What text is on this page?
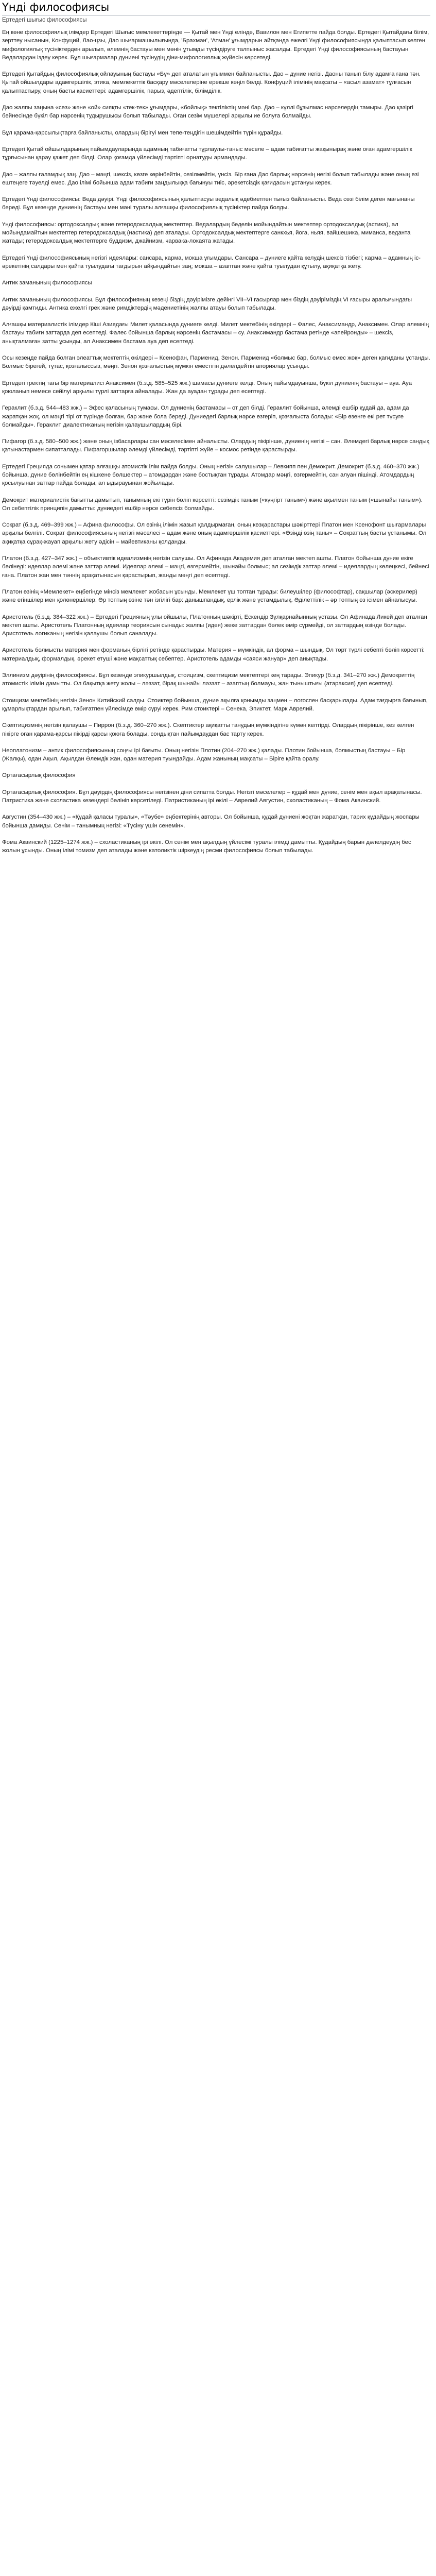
Үнді философиясы
Ертедегі шығыс философиясы

Ең көне философиялық ілімдер Ертедегі Шығыс мемлекеттерінде — Қытай мен Үнді елінде, Вавилон мен Египетте пайда болды. Ертедегі Қытайдағы білім, зерттеу нысанын, Конфуций, Лао-цзы, Дао шығармашылығында, 'Брахман', 'Атман' ұғымдарын айтқанда ежелгі Үнді философиясында қалыптасып келген мифологиялық түсініктерден арылып, әлемнің бастауы мен мәнін ұтымды түсіндіруге талпыныс жасалды. Ертедегі Үнді философиясының бастауын Ведалардан іздеу керек. Бұл шығармалар дүниені түсінудің діни-мифологиялық жүйесін көрсетеді.

Ертедегі Қытайдың философиялық ойлауының бастауы «Бұ» деп аталатын ұғыммен байланысты. Дао – дүние негізі. Даоны танып білу адамға ғана тән. Қытай ойшылдары адамгершілік, этика, мемлекеттік басқару мәселелеріне ерекше көңіл бөлді. Конфуций ілімінің мақсаты – «асыл азамат» тұлғасын қалыптастыру, оның басты қасиеттері: адамгершілік, парыз, әдептілік, білімділік.

Дао жалпы заңына «сөз» және «ой» сияқты «тек-тек» ұғымдары, «бойлық» тектіліктің мәні бар. Дао – күллі бұзылмас нәрселердің тамыры. Дао қазіргі бейнесінде бүкіл бар нәрсенің тудырушысы болып табылады. Оған сезім мүшелері арқылы ие болуға болмайды.

Бұл қарама-қарсылықтарға байланысты, олардың бірігуі мен тепе-теңдігін шешімдейтін түрін құрайды.

Ертедегі Қытай ойшылдарының пайымдауларында адамның табиғатты тұрлаулы-таныс мәселе – адам табиғатты жақынырақ және оған адамгершілік тұрғысынан қарау қажет деп білді. Олар қоғамда үйлесімді тәртіпті орнатуды армандады.

Дао – жалпы ғаламдық заң. Дао – мәңгі, шексіз, көзге көрінбейтін, сезілмейтін, үнсіз. Бір ғана Дао барлық нәрсенің негізі болып табылады және оның өзі ештеңеге тәуелді емес. Дао ілімі бойынша адам табиғи заңдылыққа бағынуы тиіс, әрекетсіздік қағидасын ұстануы керек.

Ертедегі Үнді философиясы: Веда дәуірі. Үнді философиясының қалыптасуы ведалық әдебиетпен тығыз байланысты. Веда сөзі білім деген мағынаны береді. Бұл кезеңде дүниенің бастауы мен мәні туралы алғашқы философиялық түсініктер пайда болды.

Үнді философиясы: ортодоксалдық және гетеродоксалдық мектептер. Ведалардың беделін мойындайтын мектептер ортодоксалдық (астика), ал мойындамайтын мектептер гетеродоксалдық (настика) деп аталады. Ортодоксалдық мектептерге санкхья, йога, ньяя, вайшешика, миманса, веданта жатады; гетеродоксалдық мектептерге буддизм, джайнизм, чарвака-локаята жатады.

Ертедегі Үнді философиясының негізгі идеялары: сансара, карма, мокша ұғымдары. Сансара – дүниеге қайта келудің шексіз тізбегі; карма – адамның іс-әрекетінің салдары мен қайта туылудағы тағдырын айқындайтын заң; мокша – азаптан және қайта туылудан құтылу, ақиқатқа жету.

Антик заманының философиясы

Антик заманының философиясы. Бұл философияның кезеңі біздің дәуірімізге дейінгі VII–VI ғасырлар мен біздің дәуіріміздің VI ғасыры аралығындағы дәуірді қамтиды. Антика ежелгі грек және римдіктердің мәдениетінің жалпы атауы болып табылады.

Алғашқы материалистік ілімдер Кіші Азиядағы Милет қаласында дүниеге келді. Милет мектебінің өкілдері – Фалес, Анаксимандр, Анаксимен. Олар әлемнің бастауы табиғи заттарда деп есептеді. Фалес бойынша барлық нәрсенің бастамасы – су. Анаксимандр бастама ретінде «апейронды» – шексіз, анықталмаған затты ұсынды, ал Анаксимен бастама ауа деп есептеді.

Осы кезеңде пайда болған элеаттық мектептің өкілдері – Ксенофан, Парменид, Зенон. Парменид «болмыс бар, болмыс емес жоқ» деген қағиданы ұстанды. Болмыс бірегей, тұтас, қозғалыссыз, мәңгі. Зенон қозғалыстың мүмкін еместігін дәлелдейтін апориялар ұсынды.

Ертедегі гректің тағы бір материалисі Анаксимен (б.з.д. 585–525 жж.) шамасы дүниеге келді. Оның пайымдауынша, бүкіл дүниенің бастауы – ауа. Ауа қоюланып немесе сейілуі арқылы түрлі заттарға айналады. Жан да ауадан тұрады деп есептеді.

Гераклит (б.з.д. 544–483 жж.) – Эфес қаласының тумасы. Ол дүниенің бастамасы – от деп білді. Гераклит бойынша, әлемді ешбір құдай да, адам да жаратқан жоқ, ол мәңгі тірі от түрінде болған, бар және бола береді. Дүниедегі барлық нәрсе өзгеріп, қозғалыста болады: «Бір өзенге екі рет түсуге болмайды». Гераклит диалектиканың негізін қалаушылардың бірі.

Пифагор (б.з.д. 580–500 жж.) және оның ізбасарлары сан мәселесімен айналысты. Олардың пікірінше, дүниенің негізі – сан. Әлемдегі барлық нәрсе сандық қатынастармен сипатталады. Пифагоршылар әлемді үйлесімді, тәртіпті жүйе – космос ретінде қарастырды.

Ертедегі Грецияда сонымен қатар алғашқы атомистік ілім пайда болды. Оның негізін салушылар – Левкипп пен Демокрит. Демокрит (б.з.д. 460–370 жж.) бойынша, дүние бөлінбейтін ең кішкене бөлшектер – атомдардан және бостықтан тұрады. Атомдар мәңгі, өзгермейтін, сан алуан пішінді. Атомдардың қосылуынан заттар пайда болады, ал ыдырауынан жойылады.

Демокрит материалистік бағытты дамытып, танымның екі түрін бөліп көрсетті: сезімдік таным («күңгірт таным») және ақылмен таным («шынайы таным»). Ол себептілік принципін дамытты: дүниедегі ешбір нәрсе себепсіз болмайды.

Сократ (б.з.д. 469–399 жж.) – Афина философы. Ол өзінің ілімін жазып қалдырмаған, оның көзқарастары шәкірттері Платон мен Ксенофонт шығармалары арқылы белгілі. Сократ философиясының негізгі мәселесі – адам және оның адамгершілік қасиеттері. «Өзіңді өзің таны» – Сократтың басты ұстанымы. Ол ақиқатқа сұрақ-жауап арқылы жету әдісін – майевтиканы қолданды.

Платон (б.з.д. 427–347 жж.) – объективтік идеализмнің негізін салушы. Ол Афинада Академия деп аталған мектеп ашты. Платон бойынша дүние екіге бөлінеді: идеялар әлемі және заттар әлемі. Идеялар әлемі – мәңгі, өзгермейтін, шынайы болмыс; ал сезімдік заттар әлемі – идеялардың көлеңкесі, бейнесі ғана. Платон жан мен тәннің арақатынасын қарастырып, жанды мәңгі деп есептеді.

Платон өзінің «Мемлекет» еңбегінде мінсіз мемлекет жобасын ұсынды. Мемлекет үш топтан тұрады: билеушілер (философтар), сақшылар (әскерилер) және егіншілер мен қолөнершілер. Әр топтың өзіне тән ізгілігі бар: данышпандық, ерлік және ұстамдылық. Әділеттілік – әр топтың өз ісімен айналысуы.

Аристотель (б.з.д. 384–322 жж.) – Ертедегі Грецияның ұлы ойшылы, Платонның шәкірті, Ескендір Зұлқарнайынның ұстазы. Ол Афинада Ликей деп аталған мектеп ашты. Аристотель Платонның идеялар теориясын сынады: жалпы (идея) жеке заттардан бөлек өмір сүрмейді, ол заттардың өзінде болады. Аристотель логиканың негізін қалаушы болып саналады.

Аристотель болмысты материя мен форманың бірлігі ретінде қарастырды. Материя – мүмкіндік, ал форма – шындық. Ол төрт түрлі себепті бөліп көрсетті: материалдық, формалдық, әрекет етуші және мақсаттық себептер. Аристотель адамды «саяси жануар» деп анықтады.

Эллинизм дәуірінің философиясы. Бұл кезеңде эпикуршылдық, стоицизм, скептицизм мектептері кең тарады. Эпикур (б.з.д. 341–270 жж.) Демокриттің атомистік ілімін дамытты. Ол бақытқа жету жолы – ләззат, бірақ шынайы ләззат – азаптың болмауы, жан тыныштығы (атараксия) деп есептеді.

Стоицизм мектебінің негізін Зенон Китийский салды. Стоиктер бойынша, дүние ақылға қонымды заңмен – логоспен басқарылады. Адам тағдырға бағынып, құмарлықтардан арылып, табиғатпен үйлесімде өмір сүруі керек. Рим стоиктері – Сенека, Эпиктет, Марк Аврелий.

Скептицизмнің негізін қалаушы – Пиррон (б.з.д. 360–270 жж.). Скептиктер ақиқатты танудың мүмкіндігіне күмән келтірді. Олардың пікірінше, кез келген пікірге оған қарама-қарсы пікірді қарсы қоюға болады, сондықтан пайымдаудан бас тарту керек.

Неоплатонизм – антик философиясының соңғы ірі бағыты. Оның негізін Плотин (204–270 жж.) қалады. Плотин бойынша, болмыстың бастауы – Бір (Жалқы), одан Ақыл, Ақылдан Әлемдік жан, одан материя туындайды. Адам жанының мақсаты – Біріге қайта оралу.

Ортағасырлық философия

Ортағасырлық философия. Бұл дәуірдің философиясы негізінен діни сипатта болды. Негізгі мәселелер – құдай мен дүние, сенім мен ақыл арақатынасы. Патристика және схоластика кезеңдері бөлініп көрсетіледі. Патристиканың ірі өкілі – Аврелий Августин, схоластиканың – Фома Аквинский.

Августин (354–430 жж.) – «Құдай қаласы туралы», «Тәубе» еңбектерінің авторы. Ол бойынша, құдай дүниені жоқтан жаратқан, тарих құдайдың жоспары бойынша дамиды. Сенім – танымның негізі: «Түсіну үшін сенемін».

Фома Аквинский (1225–1274 жж.) – схоластиканың ірі өкілі. Ол сенім мен ақылдың үйлесімі туралы ілімді дамытты. Құдайдың барын дәлелдеудің бес жолын ұсынды. Оның ілімі томизм деп аталады және католиктік шіркеудің ресми философиясы болып табылады.
